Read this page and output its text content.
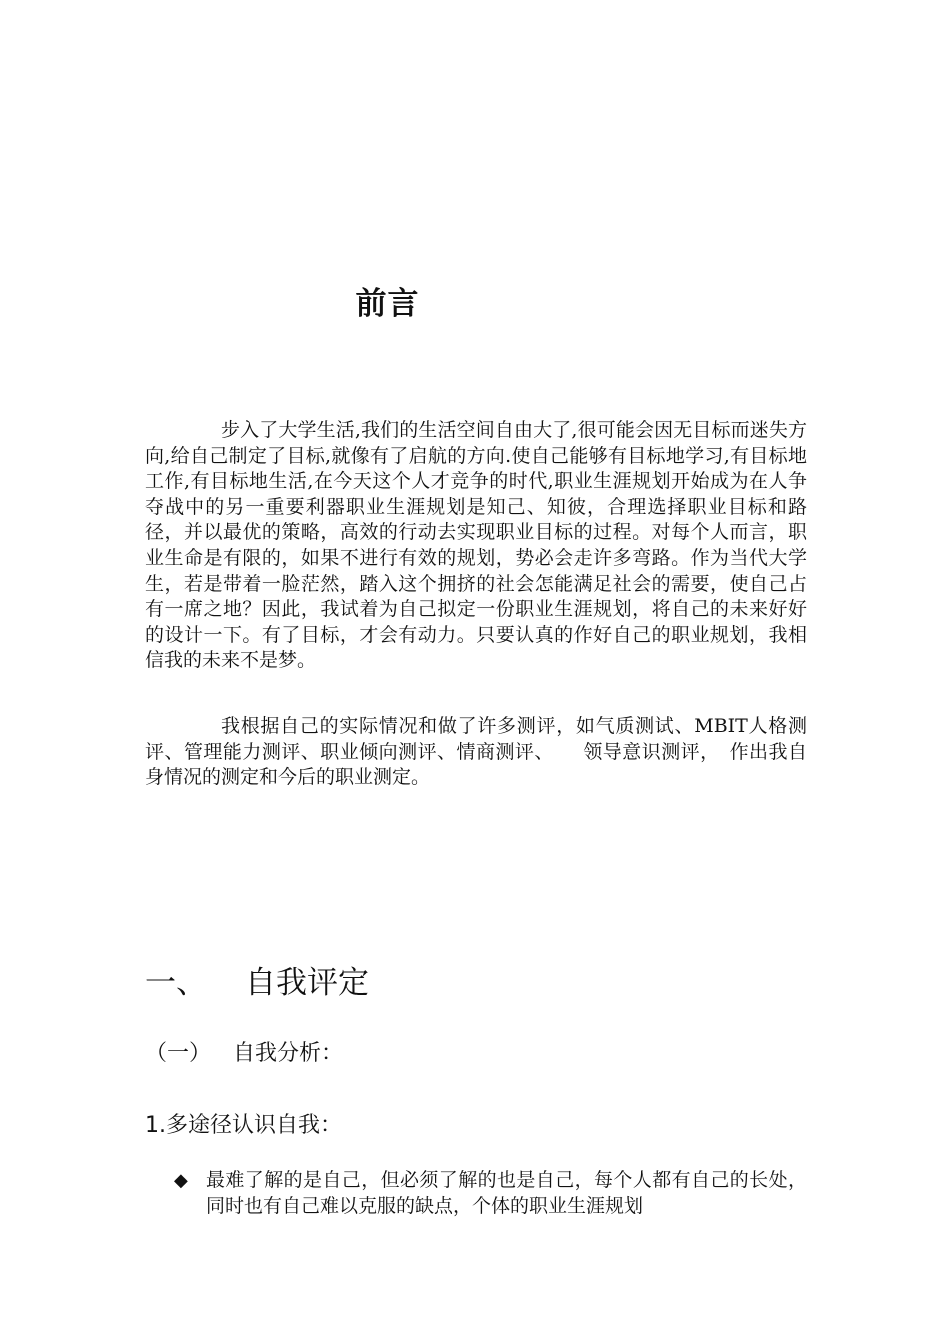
前言

步入了大学生活,我们的生活空间自由大了,很可能会因无目标而迷失方向,给自己制定了目标,就像有了启航的方向.使自己能够有目标地学习,有目标地工作,有目标地生活,在今天这个人才竞争的时代,职业生涯规划开始成为在人争夺战中的另一重要利器职业生涯规划是知己、知彼，合理选择职业目标和路径，并以最优的策略，高效的行动去实现职业目标的过程。对每个人而言，职业生命是有限的，如果不进行有效的规划，势必会走许多弯路。作为当代大学生，若是带着一脸茫然，踏入这个拥挤的社会怎能满足社会的需要，使自己占有一席之地？因此，我试着为自己拟定一份职业生涯规划，将自己的未来好好的设计一下。有了目标，才会有动力。只要认真的作好自己的职业规划，我相信我的未来不是梦。

我根据自己的实际情况和做了许多测评，如气质测试、MBIT人格测评、管理能力测评、职业倾向测评、情商测评、　　领导意识测评，　作出我自身情况的测定和今后的职业测定。

一、 自我评定
（一） 自我分析：
1.多途径认识自我：
◆ 最难了解的是自己，但必须了解的也是自己，每个人都有自己的长处，同时也有自己难以克服的缺点，个体的职业生涯规划
